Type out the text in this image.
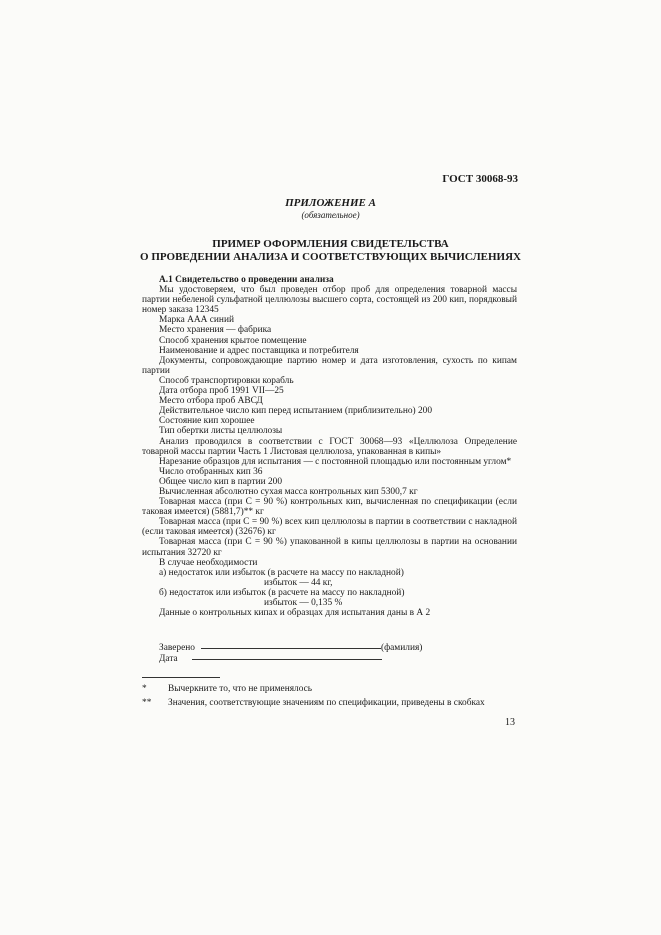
ГОСТ 30068-93
ПРИЛОЖЕНИЕ А
(обязательное)
ПРИМЕР ОФОРМЛЕНИЯ СВИДЕТЕЛЬСТВА
О ПРОВЕДЕНИИ АНАЛИЗА И СООТВЕТСТВУЮЩИХ ВЫЧИСЛЕНИЯХ

А.1 Свидетельство о проведении анализа

Мы удостоверяем, что был проведен отбор проб для определения товарной массы партии небеленой сульфатной целлюлозы высшего сорта, состоящей из 200 кип, порядковый номер заказа 12345

Марка ААА синий

Место хранения — фабрика

Способ хранения крытое помещение

Наименование и адрес поставщика и потребителя

Документы, сопровождающие партию номер и дата изготовления, сухость по кипам партии

Способ транспортировки корабль

Дата отбора проб 1991 VII—25

Место отбора проб АВСД

Действительное число кип перед испытанием (приблизительно) 200

Состояние кип хорошее

Тип обертки листы целлюлозы

Анализ проводился в соответствии с ГОСТ 30068—93 «Целлюлоза Определение товарной массы партии Часть 1 Листовая целлюлоза, упакованная в кипы»

Нарезание образцов для испытания — с постоянной площадью или постоянным углом*

Число отобранных кип 36

Общее число кип в партии 200

Вычисленная абсолютно сухая масса контрольных кип 5300,7 кг

Товарная масса (при C = 90 %) контрольных кип, вычисленная по спецификации (если таковая имеется) (5881,7)** кг

Товарная масса (при C = 90 %) всех кип целлюлозы в партии в соответствии с накладной (если таковая имеется) (32676) кг

Товарная масса (при C = 90 %) упакованной в кипы целлюлозы в партии на основании испытания 32720 кг

В случае необходимости

а) недостаток или избыток (в расчете на массу по накладной)

избыток — 44 кг,

б) недостаток или избыток (в расчете на массу по накладной)

избыток — 0,135 %

Данные о контрольных кипах и образцах для испытания даны в А 2

Заверено	(фамилия)
Дата
* Вычеркните то, что не применялось
** Значения, соответствующие значениям по спецификации, приведены в скобках
13
